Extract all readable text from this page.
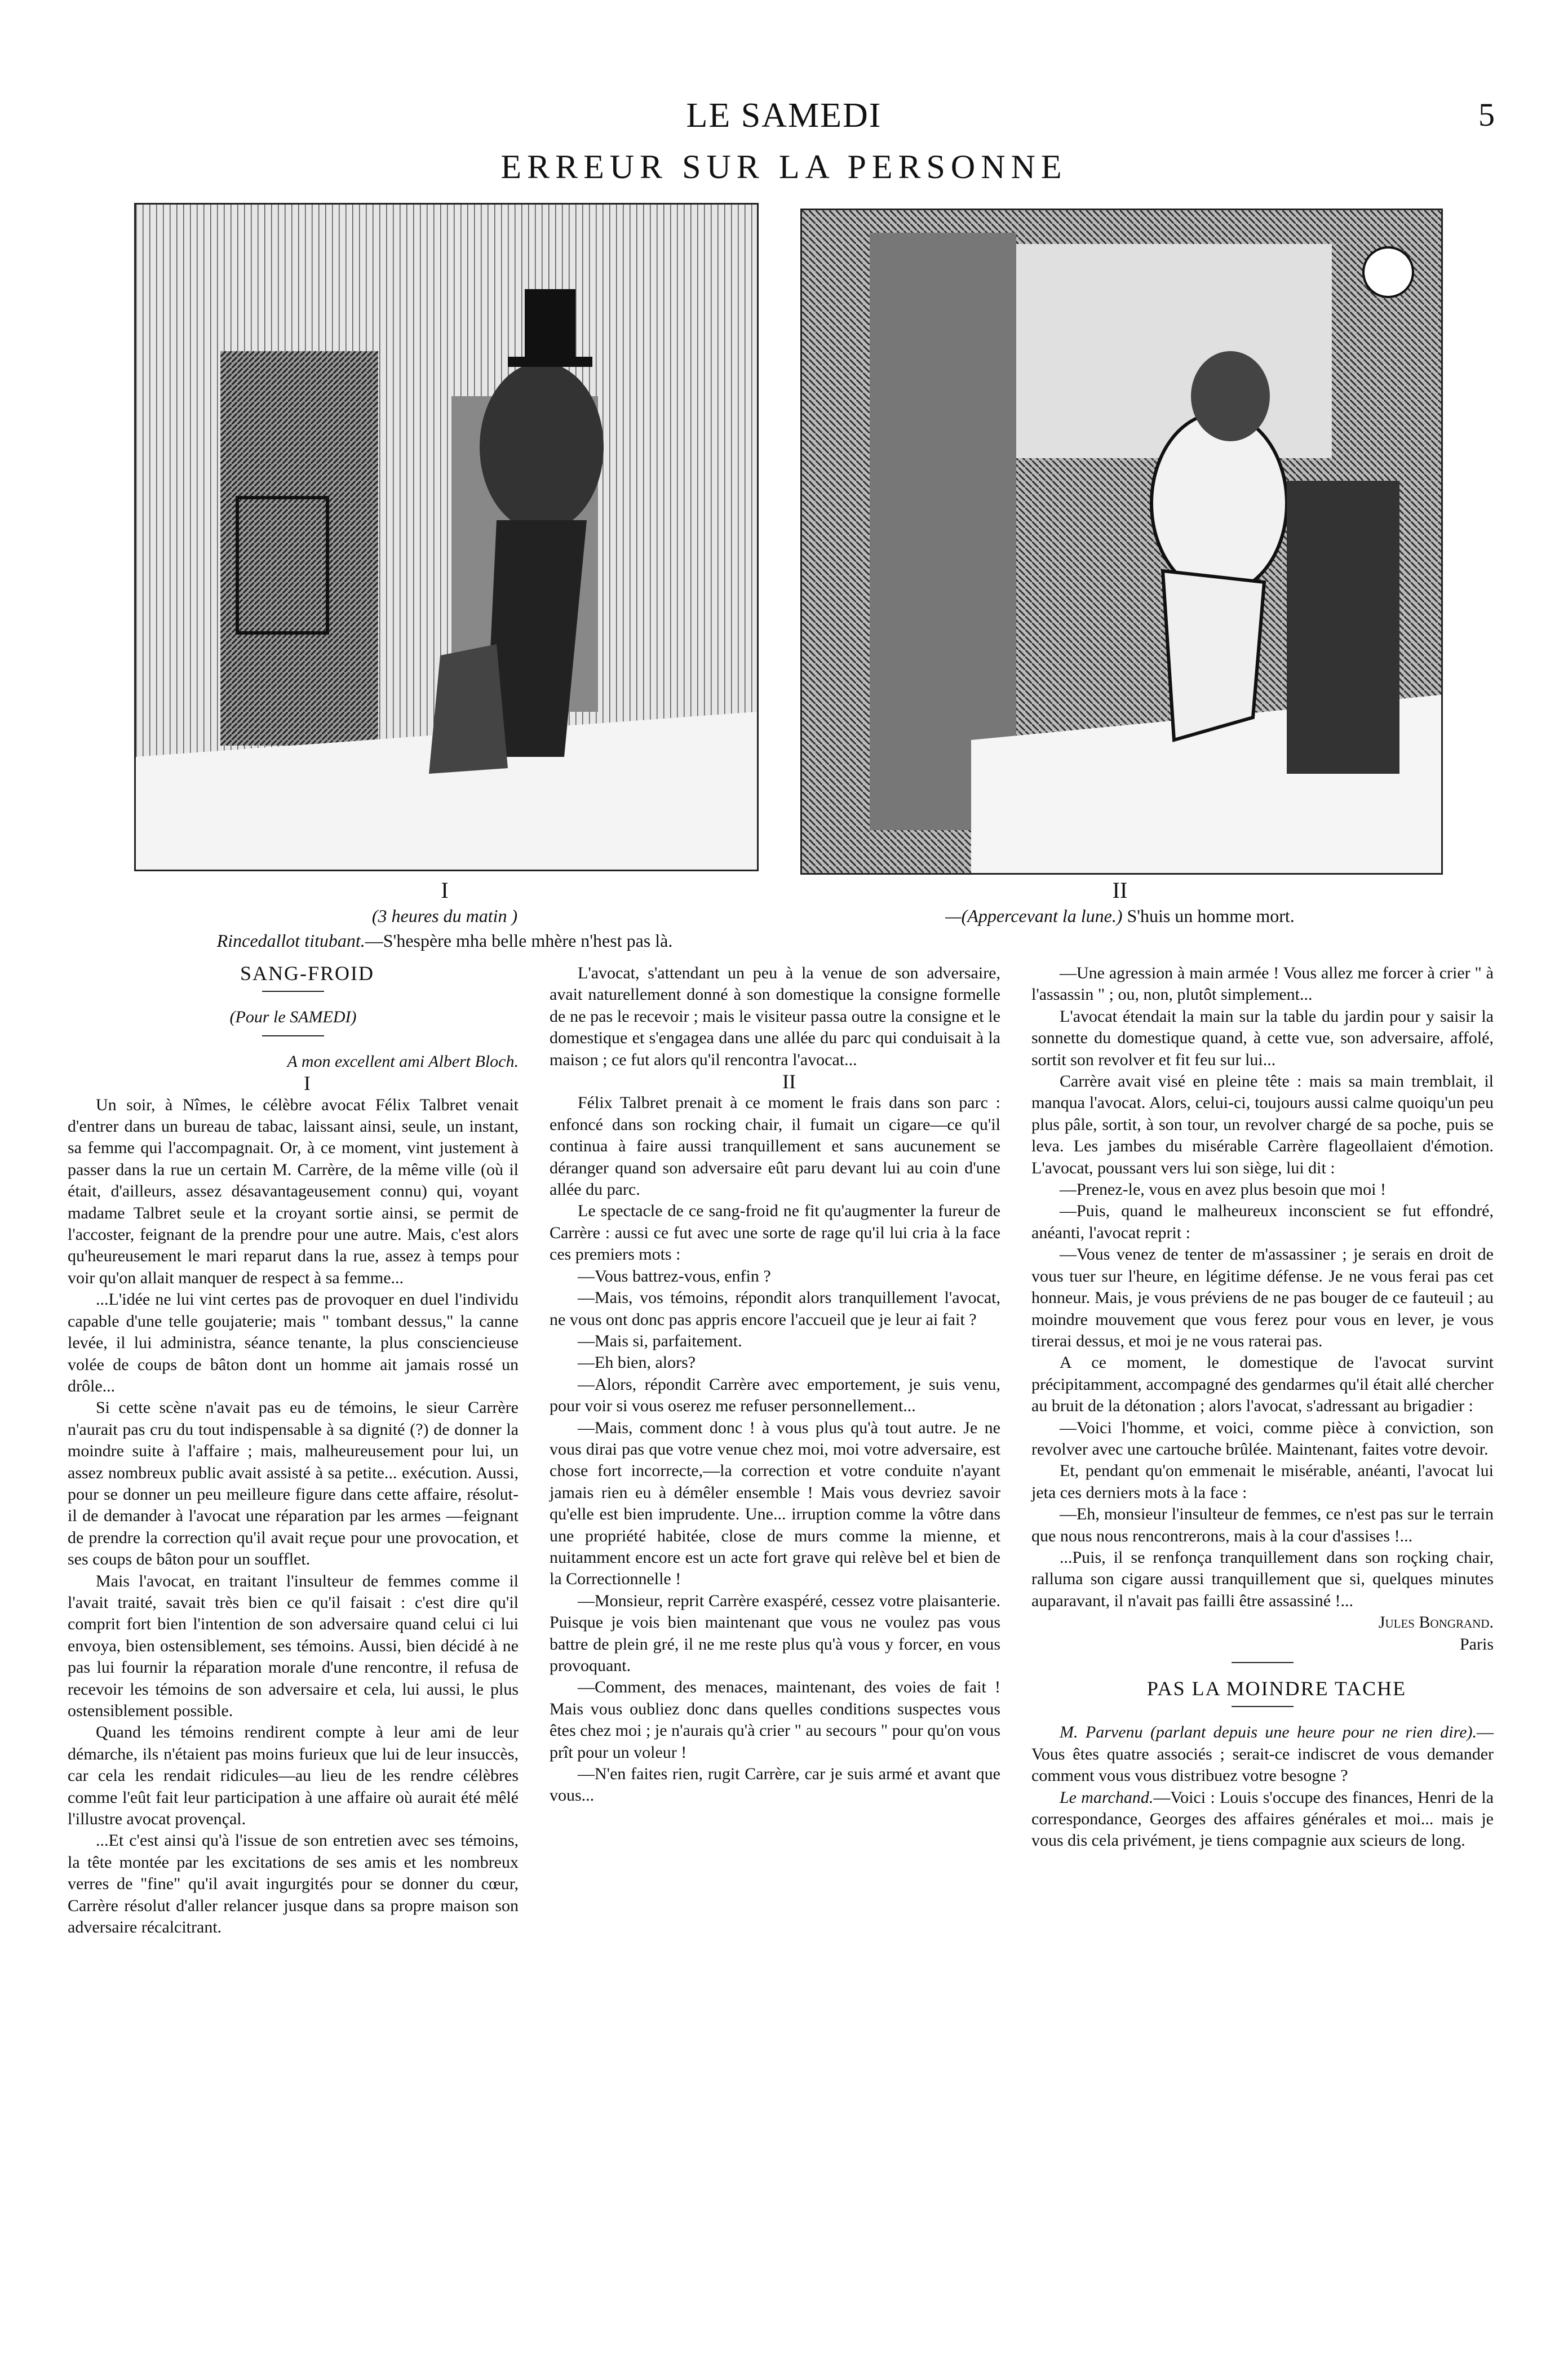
LE SAMEDI	5
ERREUR SUR LA PERSONNE
I
(3 heures du matin )
Rincedallot titubant.—S'hespère mha belle mhère n'hest pas là.
II
—(Appercevant la lune.) S'huis un homme mort.

SANG-FROID

(Pour le SAMEDI)

A mon excellent ami Albert Bloch.

I

Un soir, à Nîmes, le célèbre avocat Félix Talbret venait d'entrer dans un bureau de tabac, laissant ainsi, seule, un instant, sa femme qui l'accompagnait. Or, à ce moment, vint justement à passer dans la rue un certain M. Carrère, de la même ville (où il était, d'ailleurs, assez désavantageusement connu) qui, voyant madame Talbret seule et la croyant sortie ainsi, se permit de l'accoster, feignant de la prendre pour une autre. Mais, c'est alors qu'heureusement le mari reparut dans la rue, assez à temps pour voir qu'on allait manquer de respect à sa femme...

...L'idée ne lui vint certes pas de provoquer en duel l'individu capable d'une telle goujaterie; mais " tombant dessus," la canne levée, il lui administra, séance tenante, la plus consciencieuse volée de coups de bâton dont un homme ait jamais rossé un drôle...

Si cette scène n'avait pas eu de témoins, le sieur Carrère n'aurait pas cru du tout indispensable à sa dignité (?) de donner la moindre suite à l'affaire ; mais, malheureusement pour lui, un assez nombreux public avait assisté à sa petite... exécution. Aussi, pour se donner un peu meilleure figure dans cette affaire, résolut-il de demander à l'avocat une réparation par les armes —feignant de prendre la correction qu'il avait reçue pour une provocation, et ses coups de bâton pour un soufflet.

Mais l'avocat, en traitant l'insulteur de femmes comme il l'avait traité, savait très bien ce qu'il faisait : c'est dire qu'il comprit fort bien l'intention de son adversaire quand celui ci lui envoya, bien ostensiblement, ses témoins. Aussi, bien décidé à ne pas lui fournir la réparation morale d'une rencontre, il refusa de recevoir les témoins de son adversaire et cela, lui aussi, le plus ostensiblement possible.

Quand les témoins rendirent compte à leur ami de leur démarche, ils n'étaient pas moins furieux que lui de leur insuccès, car cela les rendait ridicules—au lieu de les rendre célèbres comme l'eût fait leur participation à une affaire où aurait été mêlé l'illustre avocat provençal.

...Et c'est ainsi qu'à l'issue de son entretien avec ses témoins, la tête montée par les excitations de ses amis et les nombreux verres de "fine" qu'il avait ingurgités pour se donner du cœur, Carrère résolut d'aller relancer jusque dans sa propre maison son adversaire récalcitrant.

L'avocat, s'attendant un peu à la venue de son adversaire, avait naturellement donné à son domestique la consigne formelle de ne pas le recevoir ; mais le visiteur passa outre la consigne et le domestique et s'engagea dans une allée du parc qui conduisait à la maison ; ce fut alors qu'il rencontra l'avocat...

II

Félix Talbret prenait à ce moment le frais dans son parc : enfoncé dans son rocking chair, il fumait un cigare—ce qu'il continua à faire aussi tranquillement et sans aucunement se déranger quand son adversaire eût paru devant lui au coin d'une allée du parc.

Le spectacle de ce sang-froid ne fit qu'augmenter la fureur de Carrère : aussi ce fut avec une sorte de rage qu'il lui cria à la face ces premiers mots :

—Vous battrez-vous, enfin ?

—Mais, vos témoins, répondit alors tranquillement l'avocat, ne vous ont donc pas appris encore l'accueil que je leur ai fait ?

—Mais si, parfaitement.

—Eh bien, alors?

—Alors, répondit Carrère avec emportement, je suis venu, pour voir si vous oserez me refuser personnellement...

—Mais, comment donc ! à vous plus qu'à tout autre. Je ne vous dirai pas que votre venue chez moi, moi votre adversaire, est chose fort incorrecte,—la correction et votre conduite n'ayant jamais rien eu à démêler ensemble ! Mais vous devriez savoir qu'elle est bien imprudente. Une... irruption comme la vôtre dans une propriété habitée, close de murs comme la mienne, et nuitamment encore est un acte fort grave qui relève bel et bien de la Correctionnelle !

—Monsieur, reprit Carrère exaspéré, cessez votre plaisanterie. Puisque je vois bien maintenant que vous ne voulez pas vous battre de plein gré, il ne me reste plus qu'à vous y forcer, en vous provoquant.

—Comment, des menaces, maintenant, des voies de fait ! Mais vous oubliez donc dans quelles conditions suspectes vous êtes chez moi ; je n'aurais qu'à crier " au secours " pour qu'on vous prît pour un voleur !

—N'en faites rien, rugit Carrère, car je suis armé et avant que vous...

—Une agression à main armée ! Vous allez me forcer à crier " à l'assassin " ; ou, non, plutôt simplement...

L'avocat étendait la main sur la table du jardin pour y saisir la sonnette du domestique quand, à cette vue, son adversaire, affolé, sortit son revolver et fit feu sur lui...

Carrère avait visé en pleine tête : mais sa main tremblait, il manqua l'avocat. Alors, celui-ci, toujours aussi calme quoiqu'un peu plus pâle, sortit, à son tour, un revolver chargé de sa poche, puis se leva. Les jambes du misérable Carrère flageollaient d'émotion. L'avocat, poussant vers lui son siège, lui dit :

—Prenez-le, vous en avez plus besoin que moi !

—Puis, quand le malheureux inconscient se fut effondré, anéanti, l'avocat reprit :

—Vous venez de tenter de m'assassiner ; je serais en droit de vous tuer sur l'heure, en légitime défense. Je ne vous ferai pas cet honneur. Mais, je vous préviens de ne pas bouger de ce fauteuil ; au moindre mouvement que vous ferez pour vous en lever, je vous tirerai dessus, et moi je ne vous raterai pas.

A ce moment, le domestique de l'avocat survint précipitamment, accompagné des gendarmes qu'il était allé chercher au bruit de la détonation ; alors l'avocat, s'adressant au brigadier :

—Voici l'homme, et voici, comme pièce à conviction, son revolver avec une cartouche brûlée. Maintenant, faites votre devoir.

Et, pendant qu'on emmenait le misérable, anéanti, l'avocat lui jeta ces derniers mots à la face :

—Eh, monsieur l'insulteur de femmes, ce n'est pas sur le terrain que nous nous rencontrerons, mais à la cour d'assises !...

...Puis, il se renfonça tranquillement dans son roçking chair, ralluma son cigare aussi tranquillement que si, quelques minutes auparavant, il n'avait pas failli être assassiné !...

Jules Bongrand.

Paris

PAS LA MOINDRE TACHE

M. Parvenu (parlant depuis une heure pour ne rien dire).—Vous êtes quatre associés ; serait-ce indiscret de vous demander comment vous vous distribuez votre besogne ?

Le marchand.—Voici : Louis s'occupe des finances, Henri de la correspondance, Georges des affaires générales et moi... mais je vous dis cela privément, je tiens compagnie aux scieurs de long.
